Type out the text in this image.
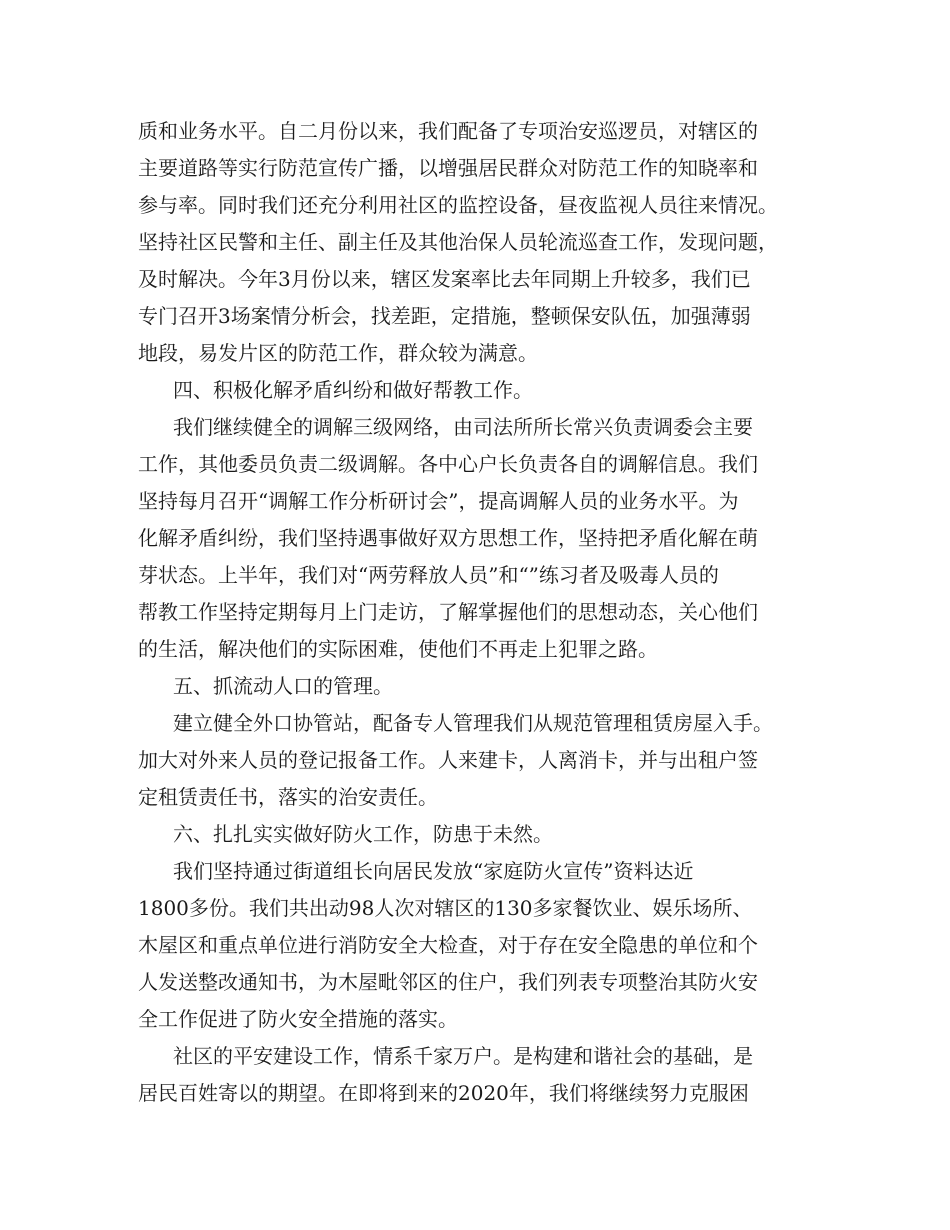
质和业务水平。自二月份以来，我们配备了专项治安巡逻员，对辖区的
主要道路等实行防范宣传广播，以增强居民群众对防范工作的知晓率和
参与率。同时我们还充分利用社区的监控设备，昼夜监视人员往来情况。
坚持社区民警和主任、副主任及其他治保人员轮流巡查工作，发现问题，
及时解决。今年3月份以来，辖区发案率比去年同期上升较多，我们已
专门召开3场案情分析会，找差距，定措施，整顿保安队伍，加强薄弱
地段，易发片区的防范工作，群众较为满意。
四、积极化解矛盾纠纷和做好帮教工作。
我们继续健全的调解三级网络，由司法所所长常兴负责调委会主要
工作，其他委员负责二级调解。各中心户长负责各自的调解信息。我们
坚持每月召开“调解工作分析研讨会”，提高调解人员的业务水平。为
化解矛盾纠纷，我们坚持遇事做好双方思想工作，坚持把矛盾化解在萌
芽状态。上半年，我们对“两劳释放人员”和“”练习者及吸毒人员的
帮教工作坚持定期每月上门走访，了解掌握他们的思想动态，关心他们
的生活，解决他们的实际困难，使他们不再走上犯罪之路。
五、抓流动人口的管理。
建立健全外口协管站，配备专人管理我们从规范管理租赁房屋入手。
加大对外来人员的登记报备工作。人来建卡，人离消卡，并与出租户签
定租赁责任书，落实的治安责任。
六、扎扎实实做好防火工作，防患于未然。
我们坚持通过街道组长向居民发放“家庭防火宣传”资料达近
1800多份。我们共出动98人次对辖区的130多家餐饮业、娱乐场所、
木屋区和重点单位进行消防安全大检查，对于存在安全隐患的单位和个
人发送整改通知书，为木屋毗邻区的住户，我们列表专项整治其防火安
全工作促进了防火安全措施的落实。
社区的平安建设工作，情系千家万户。是构建和谐社会的基础，是
居民百姓寄以的期望。在即将到来的2020年，我们将继续努力克服困
